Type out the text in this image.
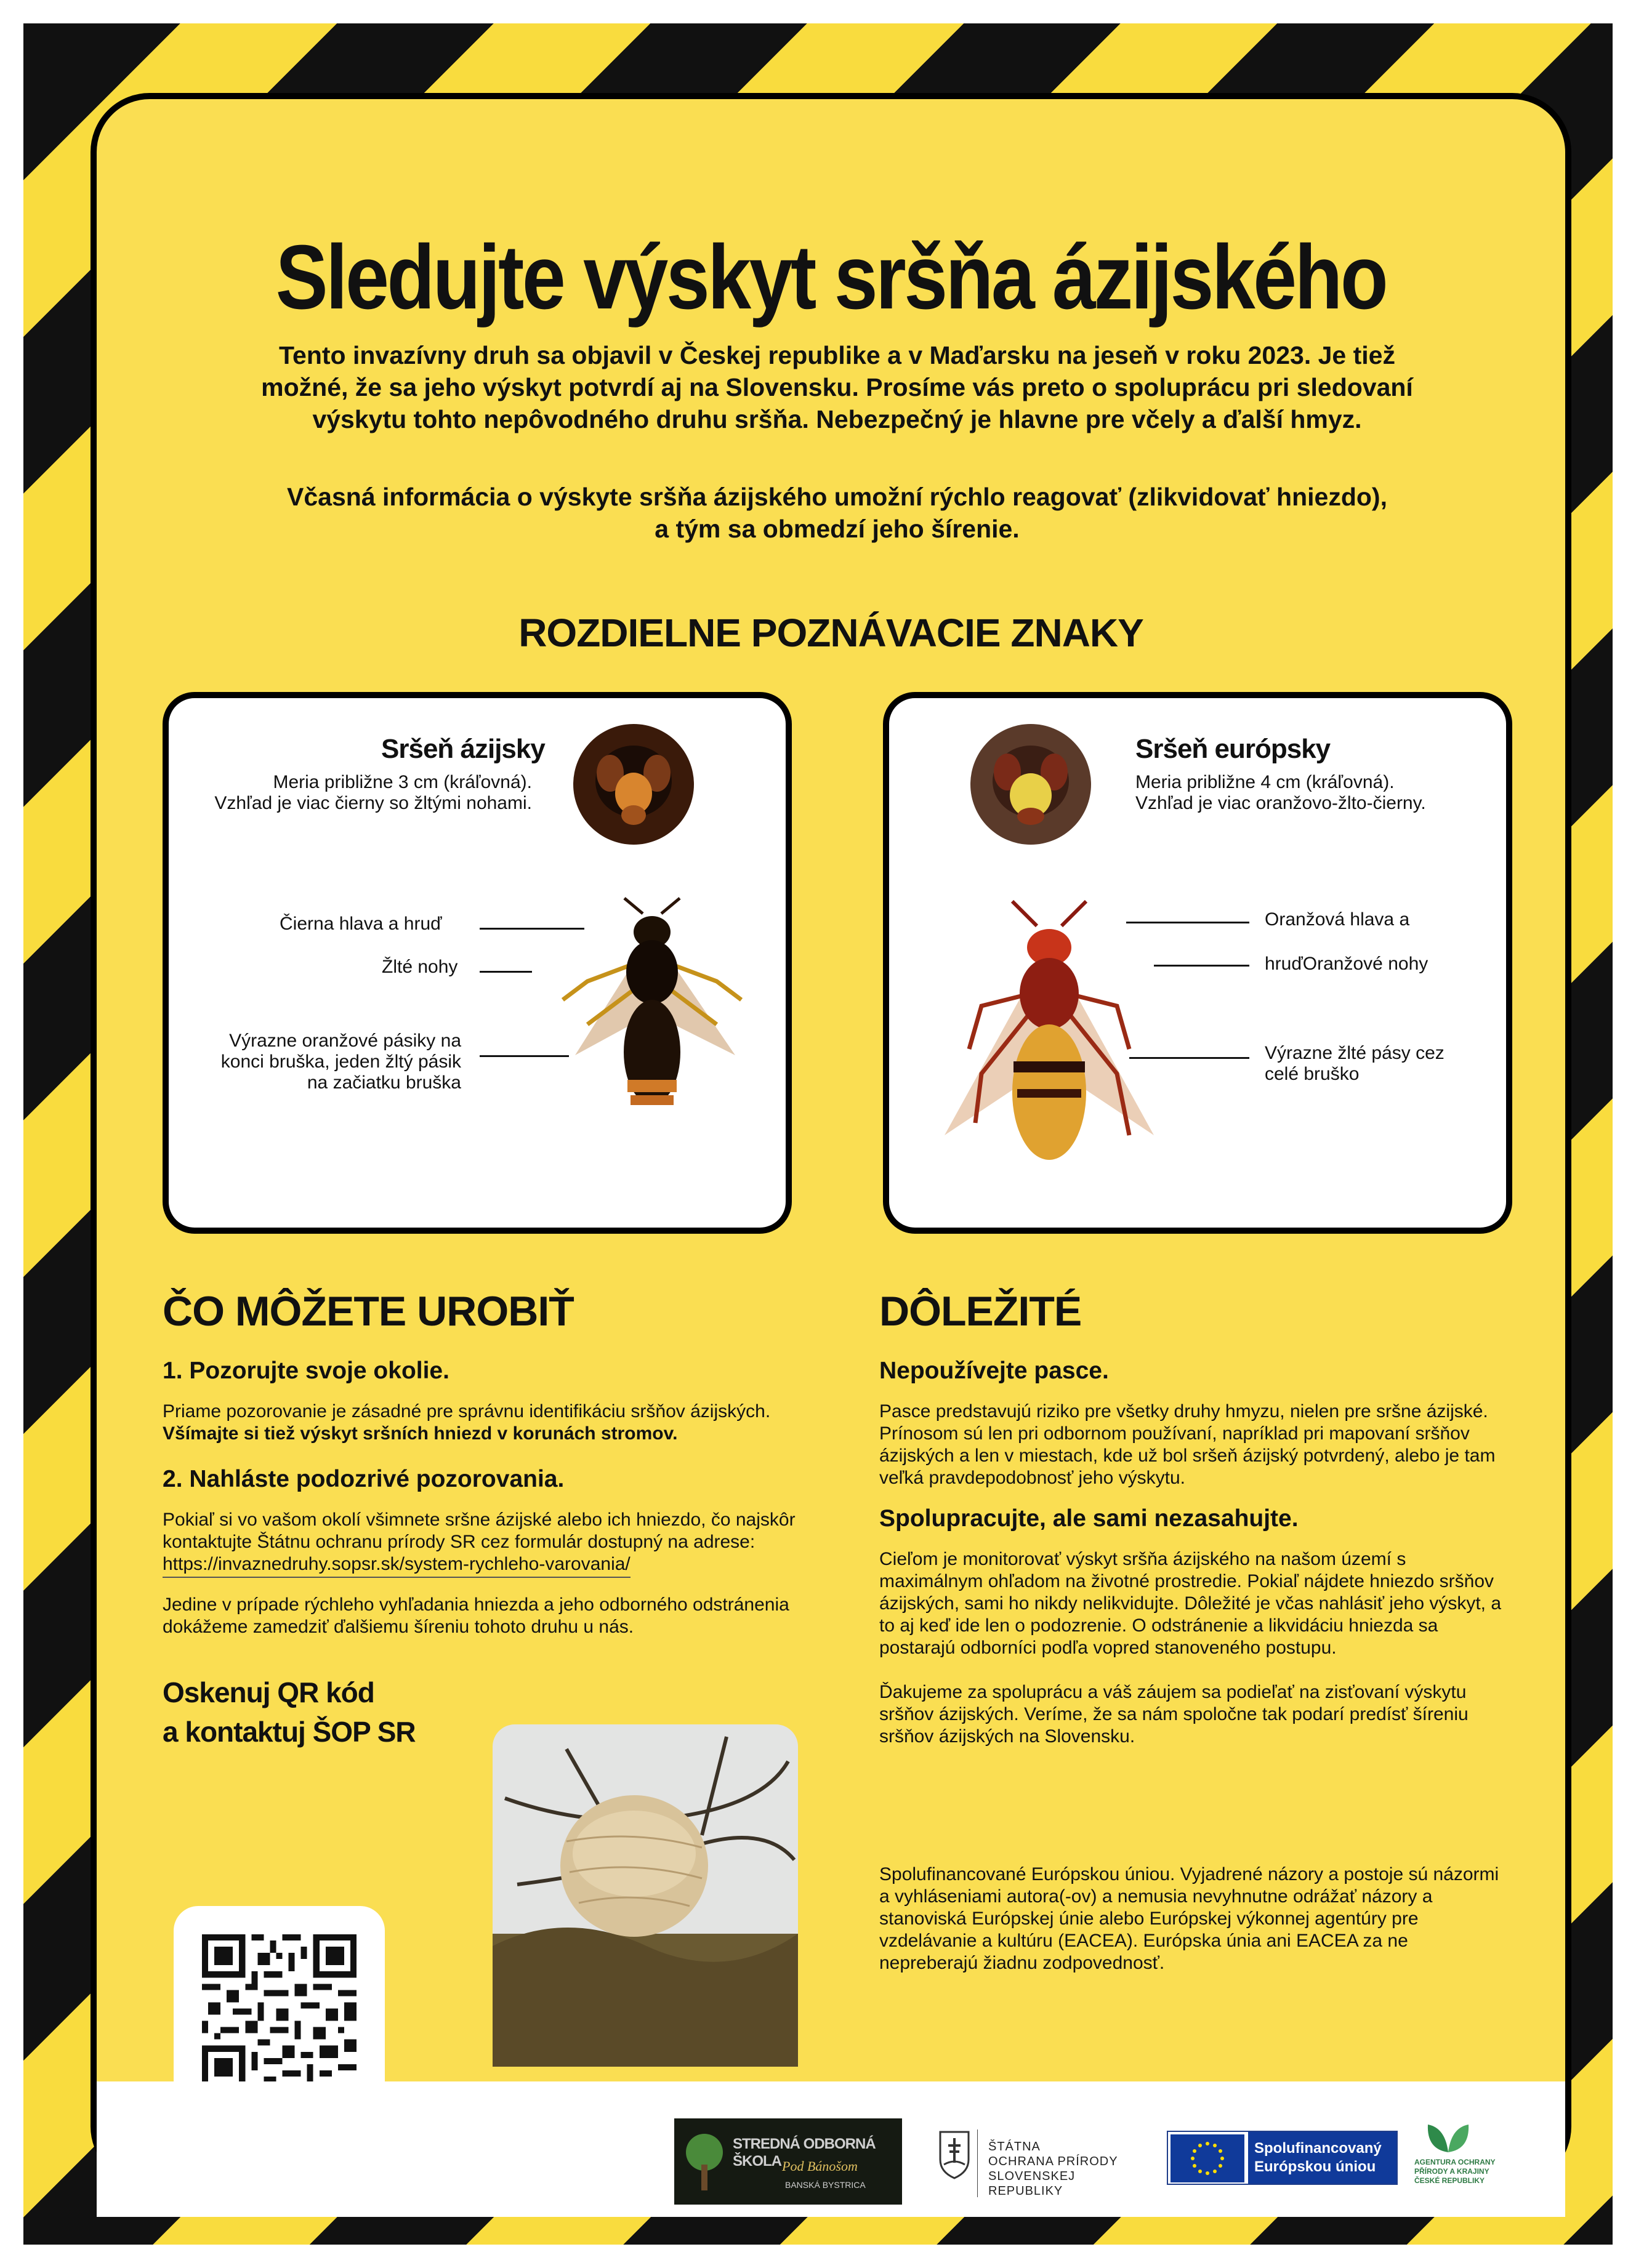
Sledujte výskyt sršňa ázijského
Tento invazívny druh sa objavil v Českej republike a v Maďarsku na jeseň v roku 2023. Je tiež
možné, že sa jeho výskyt potvrdí aj na Slovensku. Prosíme vás preto o spoluprácu pri sledovaní
výskytu tohto nepôvodného druhu sršňa. Nebezpečný je hlavne pre včely a ďalší hmyz.
Včasná informácia o výskyte sršňa ázijského umožní rýchlo reagovať (zlikvidovať hniezdo),
a tým sa obmedzí jeho šírenie.
ROZDIELNE POZNÁVACIE ZNAKY
Sršeň ázijsky
Meria približne 3 cm (kráľovná).
Vzhľad je viac čierny so žltými nohami.
Čierna hlava a hruď
Žlté nohy
Výrazne oranžové pásiky na
konci bruška, jeden žltý pásik
na začiatku bruška
Sršeň európsky
Meria približne 4 cm (kráľovná).
Vzhľad je viac oranžovo-žlto-čierny.
Oranžová hlava a
hruďOranžové nohy
Výrazne žlté pásy cez
celé bruško
ČO MÔŽETE UROBIŤ
1. Pozorujte svoje okolie.
Priame pozorovanie je zásadné pre správnu identifikáciu sršňov ázijských. Všímajte si tiež výskyt sršních hniezd v korunách stromov.
2. Nahláste podozrivé pozorovania.
Pokiaľ si vo vašom okolí všimnete sršne ázijské alebo ich hniezdo, čo najskôr kontaktujte Štátnu ochranu prírody SR cez formulár dostupný na adrese:
https://invaznedruhy.sopsr.sk/system-rychleho-varovania/
Jedine v prípade rýchleho vyhľadania hniezda a jeho odborného odstránenia dokážeme zamedziť ďalšiemu šíreniu tohoto druhu u nás.
Oskenuj QR kód
a kontaktuj ŠOP SR
DÔLEŽITÉ
Nepoužívejte pasce.
Pasce predstavujú riziko pre všetky druhy hmyzu, nielen pre sršne ázijské. Prínosom sú len pri odbornom používaní, napríklad pri mapovaní sršňov ázijských a len v miestach, kde už bol sršeň ázijský potvrdený, alebo je tam veľká pravdepodobnosť jeho výskytu.
Spolupracujte, ale sami nezasahujte.
Cieľom je monitorovať výskyt sršňa ázijského na našom území s maximálnym ohľadom na životné prostredie. Pokiaľ nájdete hniezdo sršňov ázijských, sami ho nikdy nelikvidujte. Dôležité je včas nahlásiť jeho výskyt, a to aj keď ide len o podozrenie. O odstránenie a likvidáciu hniezda sa postarajú odborníci podľa vopred stanoveného postupu.
Ďakujeme za spoluprácu a váš záujem sa podieľať na zisťovaní výskytu sršňov ázijských. Veríme, že sa nám spoločne tak podarí predísť šíreniu sršňov ázijských na Slovensku.
Spolufinancované Európskou úniou. Vyjadrené názory a postoje sú názormi a vyhláseniami autora(-ov) a nemusia nevyhnutne odrážať názory a stanoviská Európskej únie alebo Európskej výkonnej agentúry pre vzdelávanie a kultúru (EACEA). Európska únia ani EACEA za ne nepreberajú žiadnu zodpovednosť.
STREDNÁ ODBORNÁ ŠKOLA Pod Bánošom
BANSKÁ BYSTRICA
ŠTÁTNA
OCHRANA PRÍRODY
SLOVENSKEJ REPUBLIKY
Spolufinancovaný
Európskou úniou	AGENTURA OCHRANY
PŘÍRODY A KRAJINY
ČESKÉ REPUBLIKY
